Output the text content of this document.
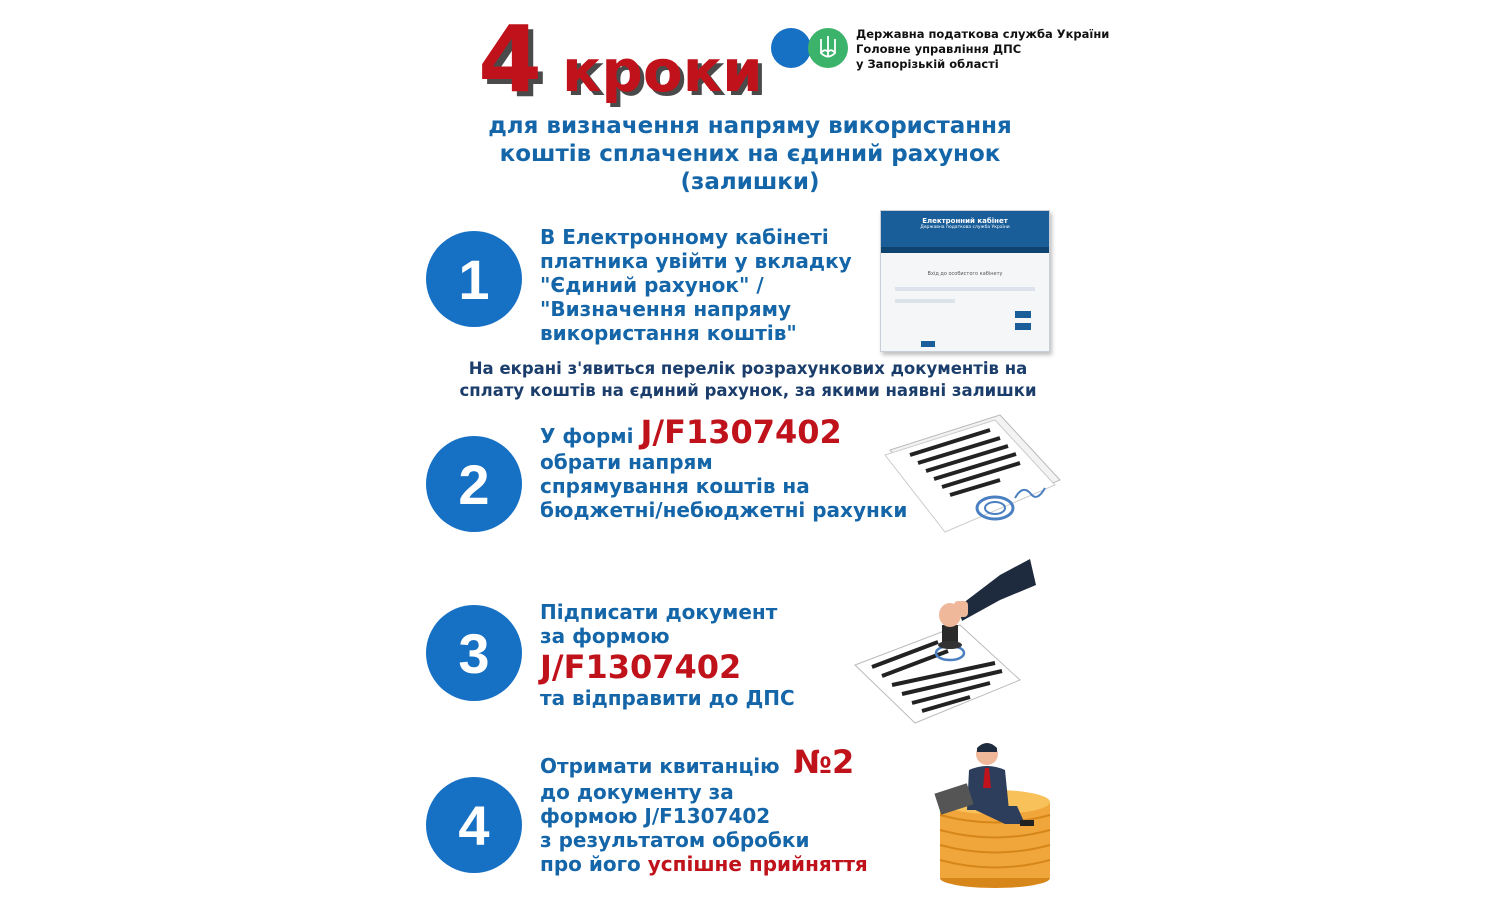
4 кроки
Державна податкова служба України
Головне управління ДПС
у Запорізькій області
для визначення напряму використання
коштів сплачених на єдиний рахунок
(залишки)
1
В Електронному кабінеті
платника увійти у вкладку
"Єдиний рахунок" /
"Визначення напряму
використання коштів"
Електронний кабінет
Державна податкова служба України
Вхід до особистого кабінету
На екрані з'явиться перелік розрахункових документів на
сплату коштів на єдиний рахунок, за якими наявні залишки
2
У формі J/F1307402
обрати напрям
спрямування коштів на
бюджетні/небюджетні рахунки
3
Підписати документ
за формою
J/F1307402
та відправити до ДПС
4
Отримати квитанцію №2
до документу за
формою J/F1307402
з результатом обробки
про його успішне прийняття
